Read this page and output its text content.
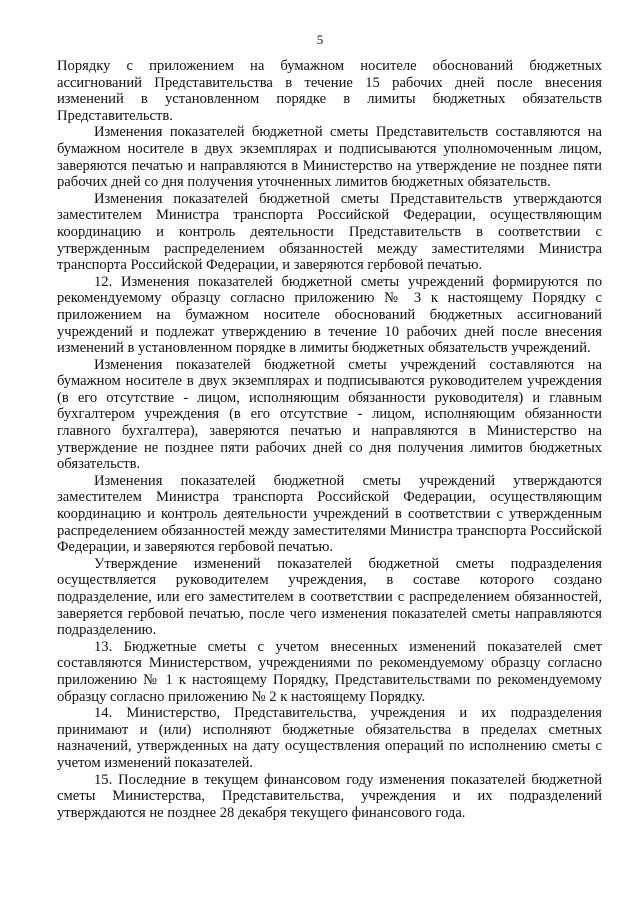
5

Порядку с приложением на бумажном носителе обоснований бюджетных ассигнований Представительства в течение 15 рабочих дней после внесения изменений в установленном порядке в лимиты бюджетных обязательств Представительств.

Изменения показателей бюджетной сметы Представительств составляются на бумажном носителе в двух экземплярах и подписываются уполномоченным лицом, заверяются печатью и направляются в Министерство на утверждение не позднее пяти рабочих дней со дня получения уточненных лимитов бюджетных обязательств.

Изменения показателей бюджетной сметы Представительств утверждаются заместителем Министра транспорта Российской Федерации, осуществляющим координацию и контроль деятельности Представительств в соответствии с утвержденным распределением обязанностей между заместителями Министра транспорта Российской Федерации, и заверяются гербовой печатью.

12. Изменения показателей бюджетной сметы учреждений формируются по рекомендуемому образцу согласно приложению № 3 к настоящему Порядку с приложением на бумажном носителе обоснований бюджетных ассигнований учреждений и подлежат утверждению в течение 10 рабочих дней после внесения изменений в установленном порядке в лимиты бюджетных обязательств учреждений.

Изменения показателей бюджетной сметы учреждений составляются на бумажном носителе в двух экземплярах и подписываются руководителем учреждения (в его отсутствие - лицом, исполняющим обязанности руководителя) и главным бухгалтером учреждения (в его отсутствие - лицом, исполняющим обязанности главного бухгалтера), заверяются печатью и направляются в Министерство на утверждение не позднее пяти рабочих дней со дня получения лимитов бюджетных обязательств.

Изменения показателей бюджетной сметы учреждений утверждаются заместителем Министра транспорта Российской Федерации, осуществляющим координацию и контроль деятельности учреждений в соответствии с утвержденным распределением обязанностей между заместителями Министра транспорта Российской Федерации, и заверяются гербовой печатью.

Утверждение изменений показателей бюджетной сметы подразделения осуществляется руководителем учреждения, в составе которого создано подразделение, или его заместителем в соответствии с распределением обязанностей, заверяется гербовой печатью, после чего изменения показателей сметы направляются подразделению.

13. Бюджетные сметы с учетом внесенных изменений показателей смет составляются Министерством, учреждениями по рекомендуемому образцу согласно приложению № 1 к настоящему Порядку, Представительствами по рекомендуемому образцу согласно приложению № 2 к настоящему Порядку.

14. Министерство, Представительства, учреждения и их подразделения принимают и (или) исполняют бюджетные обязательства в пределах сметных назначений, утвержденных на дату осуществления операций по исполнению сметы с учетом изменений показателей.

15. Последние в текущем финансовом году изменения показателей бюджетной сметы Министерства, Представительства, учреждения и их подразделений утверждаются не позднее 28 декабря текущего финансового года.
